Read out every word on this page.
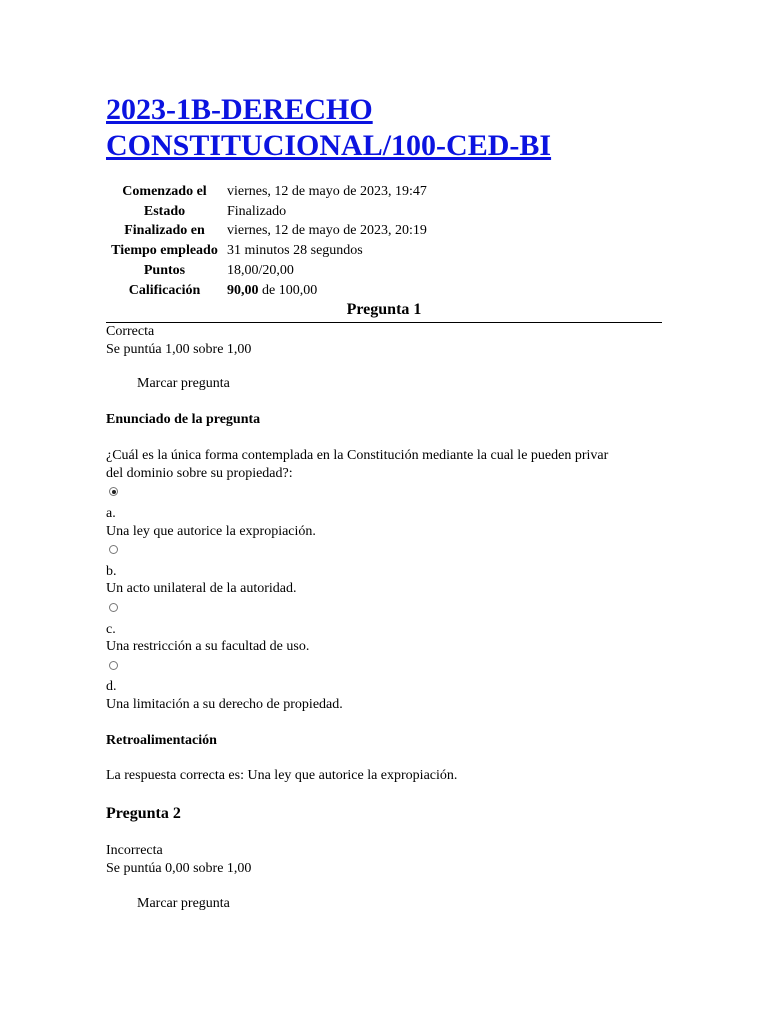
2023-1B-DERECHO CONSTITUCIONAL/100-CED-BI
Comenzado el	viernes, 12 de mayo de 2023, 19:47
Estado	Finalizado
Finalizado en	viernes, 12 de mayo de 2023, 20:19
Tiempo empleado	31 minutos 28 segundos
Puntos	18,00/20,00
Calificación	90,00 de 100,00
Pregunta 1
Correcta
Se puntúa 1,00 sobre 1,00
Marcar pregunta
Enunciado de la pregunta
¿Cuál es la única forma contemplada en la Constitución mediante la cual le pueden privar
del dominio sobre su propiedad?:
a.
Una ley que autorice la expropiación.
b.
Un acto unilateral de la autoridad.
c.
Una restricción a su facultad de uso.
d.
Una limitación a su derecho de propiedad.
Retroalimentación
La respuesta correcta es: Una ley que autorice la expropiación.
Pregunta 2
Incorrecta
Se puntúa 0,00 sobre 1,00
Marcar pregunta
